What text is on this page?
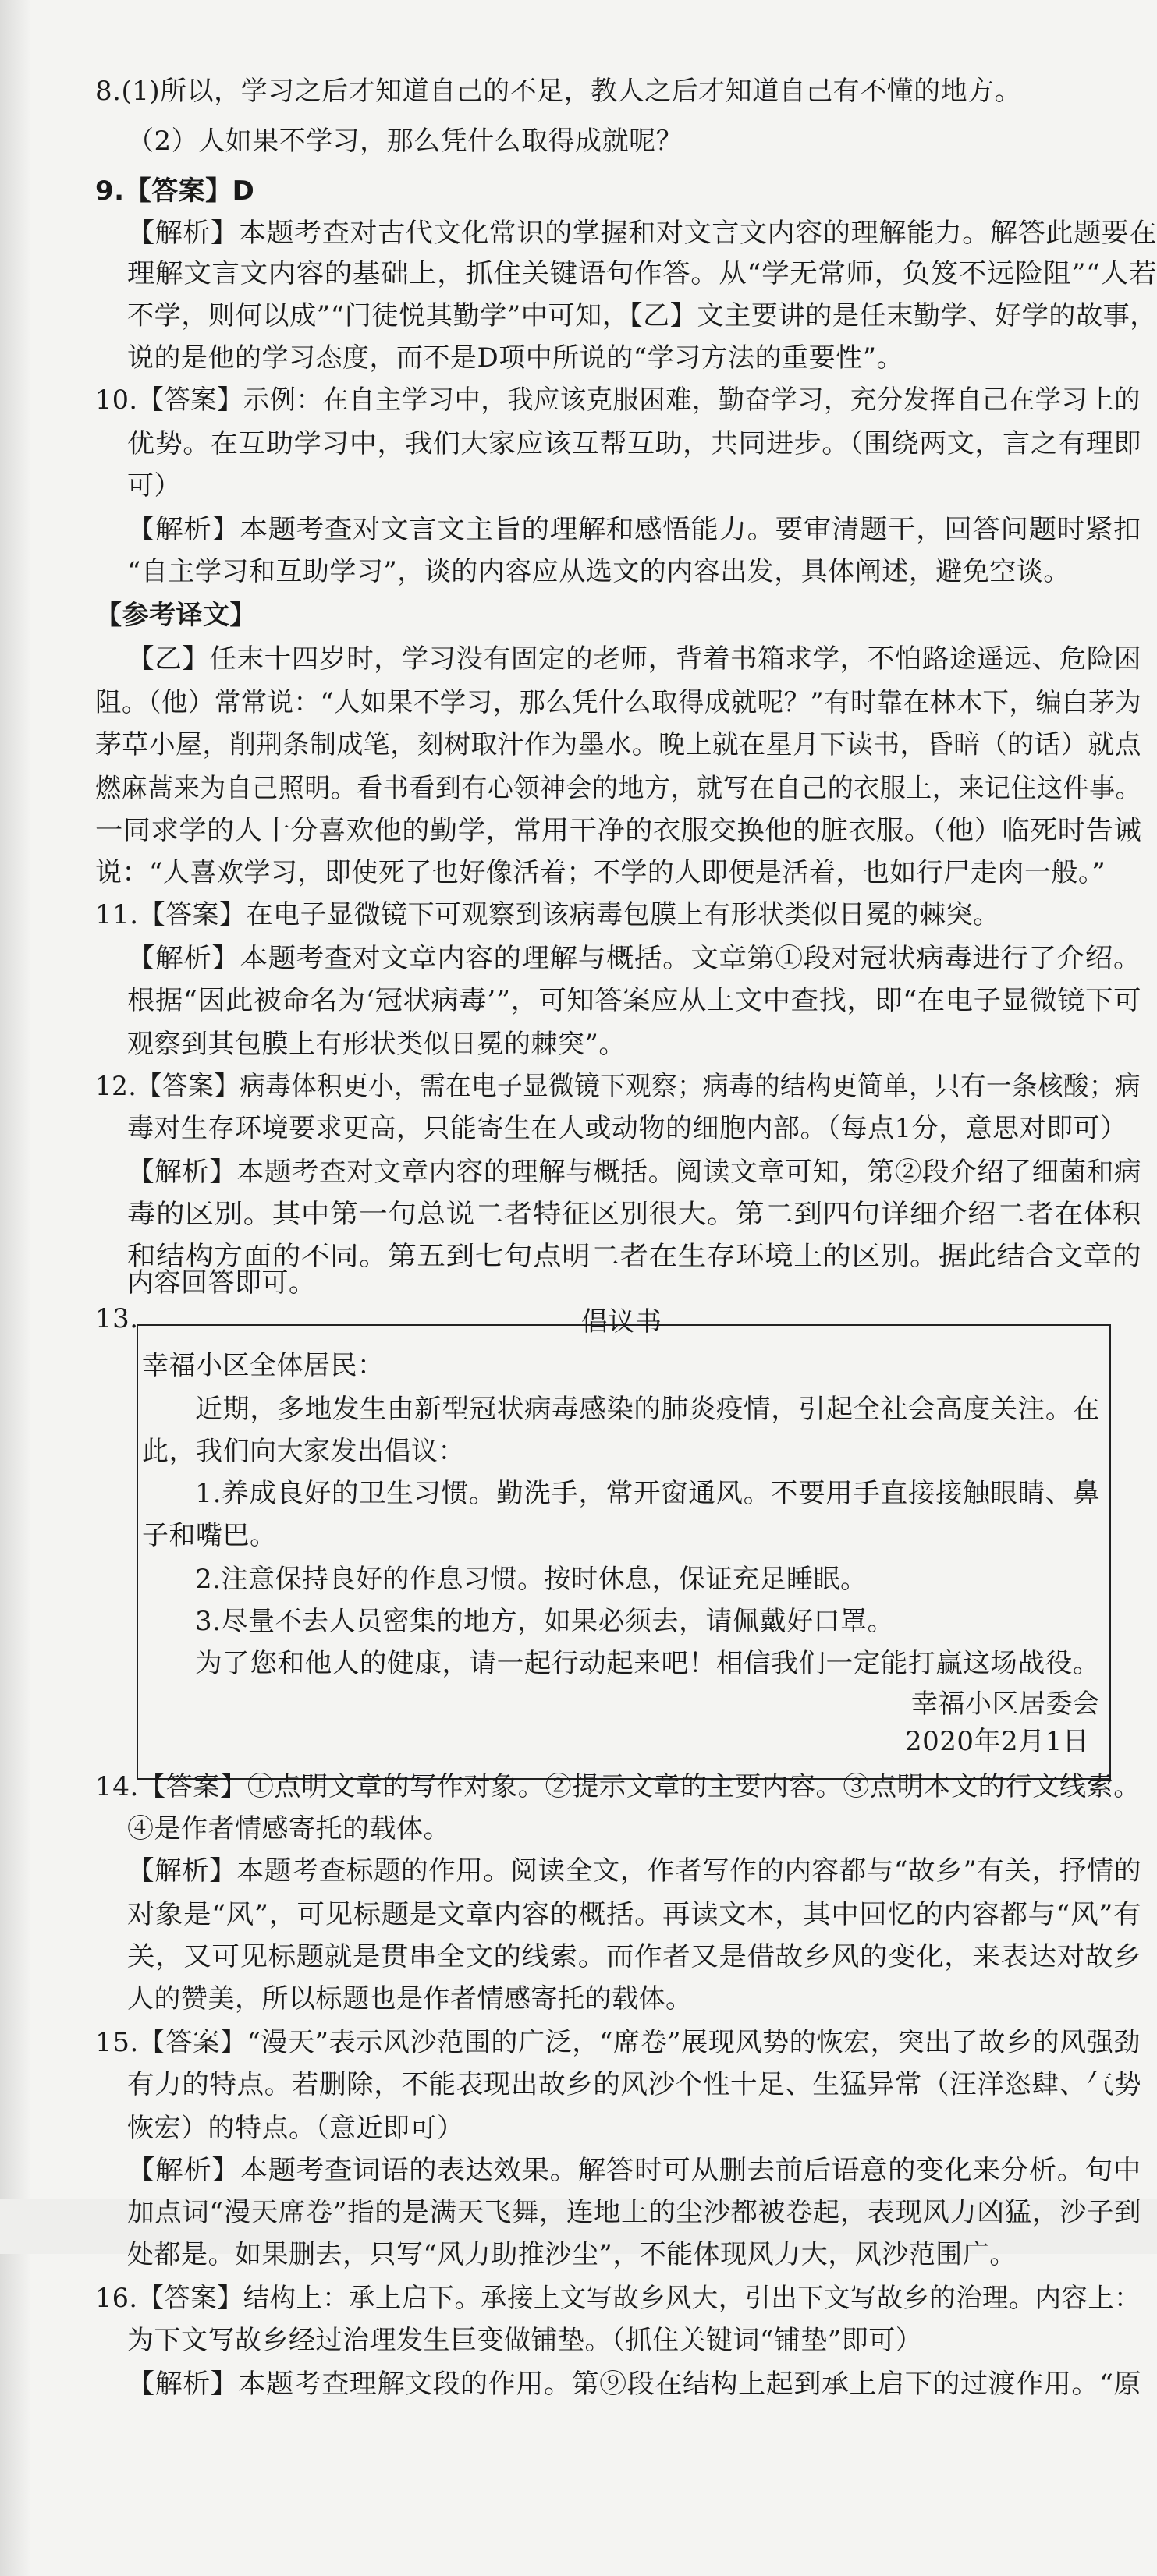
8.(1)所以，学习之后才知道自己的不足，教人之后才知道自己有不懂的地方。
（2）人如果不学习，那么凭什么取得成就呢？
9.【答案】D
【解析】本题考查对古代文化常识的掌握和对文言文内容的理解能力。解答此题要在
理解文言文内容的基础上，抓住关键语句作答。从“学无常师，负笈不远险阻”“人若
不学，则何以成”“门徒悦其勤学”中可知，【乙】文主要讲的是任末勤学、好学的故事，
说的是他的学习态度，而不是D项中所说的“学习方法的重要性”。
10.【答案】示例：在自主学习中，我应该克服困难，勤奋学习，充分发挥自己在学习上的
优势。在互助学习中，我们大家应该互帮互助，共同进步。（围绕两文，言之有理即
可）
【解析】本题考查对文言文主旨的理解和感悟能力。要审清题干，回答问题时紧扣
“自主学习和互助学习”，谈的内容应从选文的内容出发，具体阐述，避免空谈。
【参考译文】
【乙】任末十四岁时，学习没有固定的老师，背着书箱求学，不怕路途遥远、危险困
阻。（他）常常说：“人如果不学习，那么凭什么取得成就呢？”有时靠在林木下，编白茅为
茅草小屋，削荆条制成笔，刻树取汁作为墨水。晚上就在星月下读书，昏暗（的话）就点
燃麻蒿来为自己照明。看书看到有心领神会的地方，就写在自己的衣服上，来记住这件事。
一同求学的人十分喜欢他的勤学，常用干净的衣服交换他的脏衣服。（他）临死时告诫
说：“人喜欢学习，即使死了也好像活着；不学的人即便是活着，也如行尸走肉一般。”
11.【答案】在电子显微镜下可观察到该病毒包膜上有形状类似日冕的棘突。
【解析】本题考查对文章内容的理解与概括。文章第①段对冠状病毒进行了介绍。
根据“因此被命名为‘冠状病毒’”，可知答案应从上文中查找，即“在电子显微镜下可
观察到其包膜上有形状类似日冕的棘突”。
12.【答案】病毒体积更小，需在电子显微镜下观察；病毒的结构更简单，只有一条核酸；病
毒对生存环境要求更高，只能寄生在人或动物的细胞内部。（每点1分，意思对即可）
【解析】本题考查对文章内容的理解与概括。阅读文章可知，第②段介绍了细菌和病
毒的区别。其中第一句总说二者特征区别很大。第二到四句详细介绍二者在体积
和结构方面的不同。第五到七句点明二者在生存环境上的区别。据此结合文章的
内容回答即可。
13.	倡议书
幸福小区全体居民：
近期，多地发生由新型冠状病毒感染的肺炎疫情，引起全社会高度关注。在
此，我们向大家发出倡议：
1.养成良好的卫生习惯。勤洗手，常开窗通风。不要用手直接接触眼睛、鼻
子和嘴巴。
2.注意保持良好的作息习惯。按时休息，保证充足睡眠。
3.尽量不去人员密集的地方，如果必须去，请佩戴好口罩。
为了您和他人的健康，请一起行动起来吧！相信我们一定能打赢这场战役。
幸福小区居委会
2020年2月1日
14.【答案】①点明文章的写作对象。②提示文章的主要内容。③点明本文的行文线索。
④是作者情感寄托的载体。
【解析】本题考查标题的作用。阅读全文，作者写作的内容都与“故乡”有关，抒情的
对象是“风”，可见标题是文章内容的概括。再读文本，其中回忆的内容都与“风”有
关，又可见标题就是贯串全文的线索。而作者又是借故乡风的变化，来表达对故乡
人的赞美，所以标题也是作者情感寄托的载体。
15.【答案】“漫天”表示风沙范围的广泛，“席卷”展现风势的恢宏，突出了故乡的风强劲
有力的特点。若删除，不能表现出故乡的风沙个性十足、生猛异常（汪洋恣肆、气势
恢宏）的特点。（意近即可）
【解析】本题考查词语的表达效果。解答时可从删去前后语意的变化来分析。句中
加点词“漫天席卷”指的是满天飞舞，连地上的尘沙都被卷起，表现风力凶猛，沙子到
处都是。如果删去，只写“风力助推沙尘”，不能体现风力大，风沙范围广。
16.【答案】结构上：承上启下。承接上文写故乡风大，引出下文写故乡的治理。内容上：
为下文写故乡经过治理发生巨变做铺垫。（抓住关键词“铺垫”即可）
【解析】本题考查理解文段的作用。第⑨段在结构上起到承上启下的过渡作用。“原
